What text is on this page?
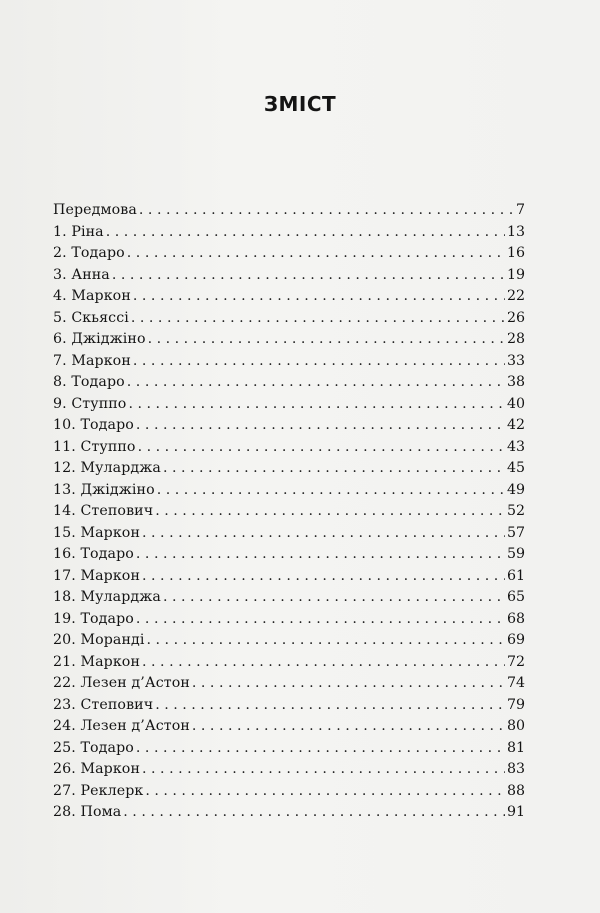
ЗМІСТ
Передмова . . .	7
1. Ріна . . .	13
2. Тодаро . . .	16
3. Анна . . .	19
4. Маркон . . .	22
5. Скьяссі . . .	26
6. Джіджіно . . .	28
7. Маркон . . .	33
8. Тодаро . . .	38
9. Ступпо . . .	40
10. Тодаро . . .	42
11. Ступпо . . .	43
12. Муларджа . . .	45
13. Джіджіно . . .	49
14. Степович . . .	52
15. Маркон . . .	57
16. Тодаро . . .	59
17. Маркон . . .	61
18. Муларджа . . .	65
19. Тодаро . . .	68
20. Моранді . . .	69
21. Маркон . . .	72
22. Лезен д’Астон . . .	74
23. Степович . . .	79
24. Лезен д’Астон . . .	80
25. Тодаро . . .	81
26. Маркон . . .	83
27. Реклерк . . .	88
28. Пома . . .	91
